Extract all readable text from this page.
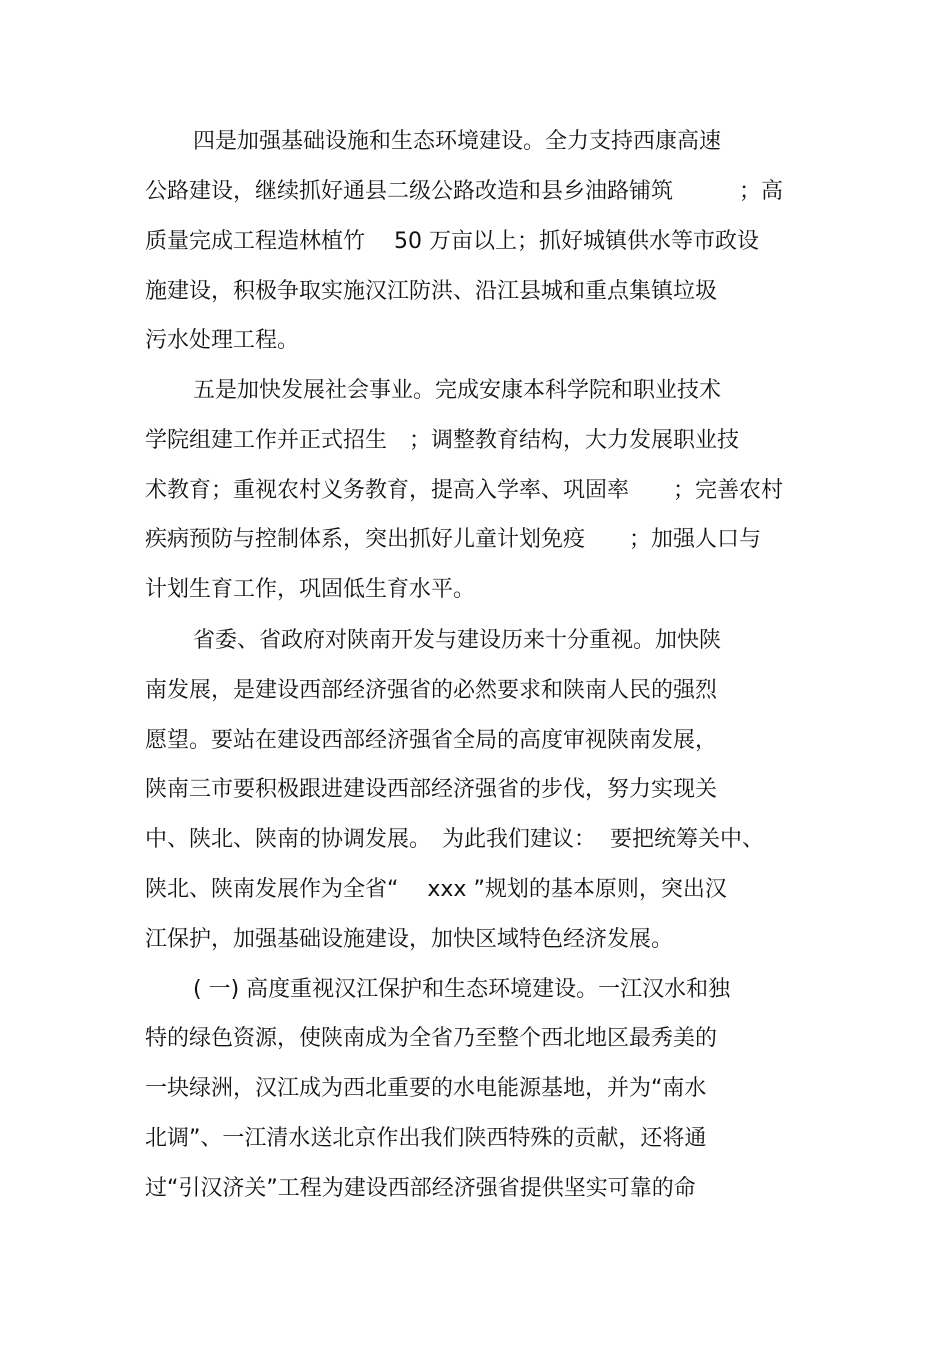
四是加强基础设施和生态环境建设。全力支持西康高速

公路建设，继续抓好通县二级公路改造和县乡油路铺筑　　　；高

质量完成工程造林植竹　 50 万亩以上；抓好城镇供水等市政设

施建设，积极争取实施汉江防洪、沿江县城和重点集镇垃圾

污水处理工程。

五是加快发展社会事业。完成安康本科学院和职业技术

学院组建工作并正式招生　；调整教育结构，大力发展职业技

术教育；重视农村义务教育，提高入学率、巩固率　　；完善农村

疾病预防与控制体系，突出抓好儿童计划免疫　　；加强人口与

计划生育工作，巩固低生育水平。

省委、省政府对陕南开发与建设历来十分重视。加快陕

南发展，是建设西部经济强省的必然要求和陕南人民的强烈

愿望。要站在建设西部经济强省全局的高度审视陕南发展，

陕南三市要积极跟进建设西部经济强省的步伐，努力实现关

中、陕北、陕南的协调发展。　为此我们建议：  要把统筹关中、

陕北、陕南发展作为全省“　 xxx ”规划的基本原则，突出汉

江保护，加强基础设施建设，加快区域特色经济发展。

( 一) 高度重视汉江保护和生态环境建设。一江汉水和独

特的绿色资源，使陕南成为全省乃至整个西北地区最秀美的

一块绿洲，汉江成为西北重要的水电能源基地，并为“南水

北调”、一江清水送北京作出我们陕西特殊的贡献，还将通

过“引汉济关”工程为建设西部经济强省提供坚实可靠的命
